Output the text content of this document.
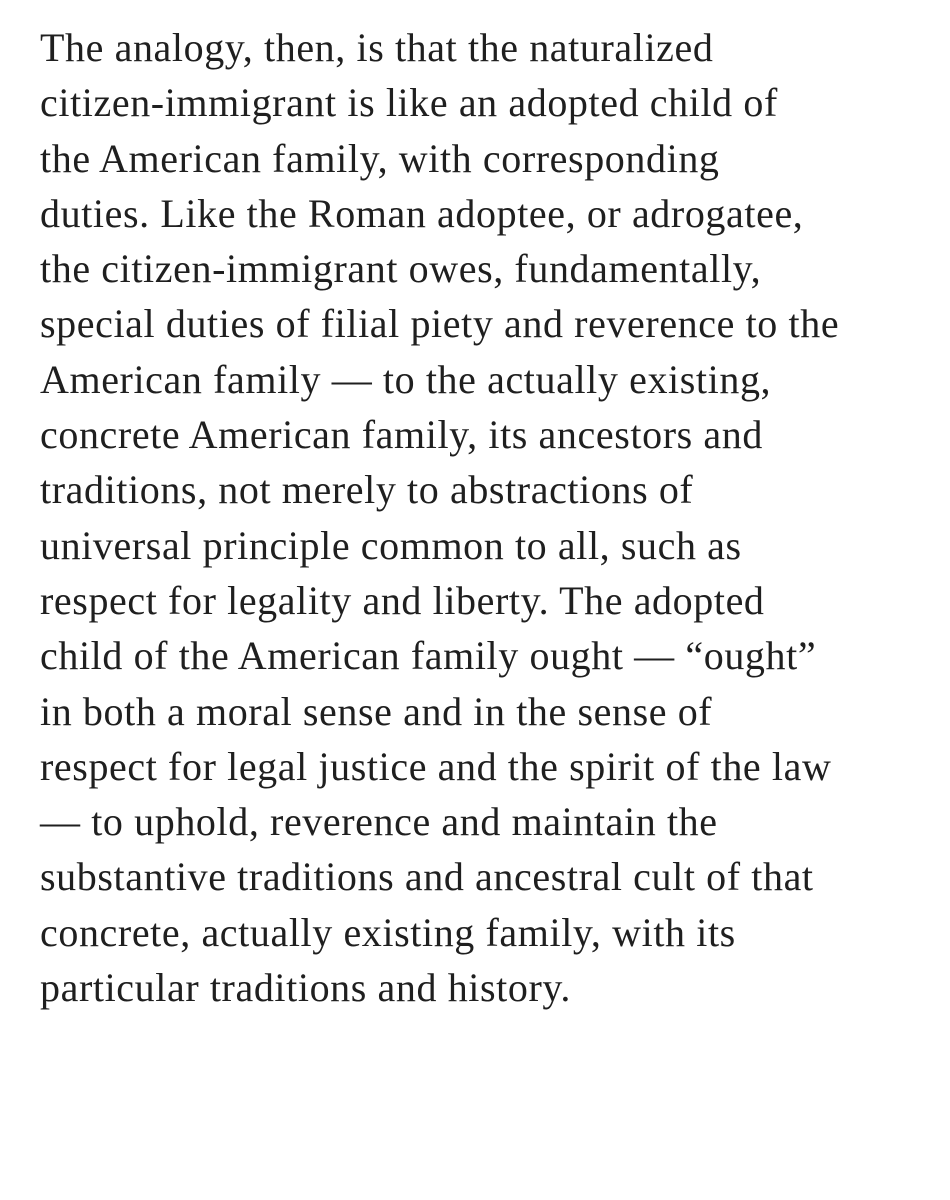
The analogy, then, is that the naturalized
citizen-immigrant is like an adopted child of
the American family, with corresponding
duties. Like the Roman adoptee, or adrogatee,
the citizen-immigrant owes, fundamentally,
special duties of filial piety and reverence to the
American family — to the actually existing,
concrete American family, its ancestors and
traditions, not merely to abstractions of
universal principle common to all, such as
respect for legality and liberty. The adopted
child of the American family ought — “ought”
in both a moral sense and in the sense of
respect for legal justice and the spirit of the law
— to uphold, reverence and maintain the
substantive traditions and ancestral cult of that
concrete, actually existing family, with its
particular traditions and history.
